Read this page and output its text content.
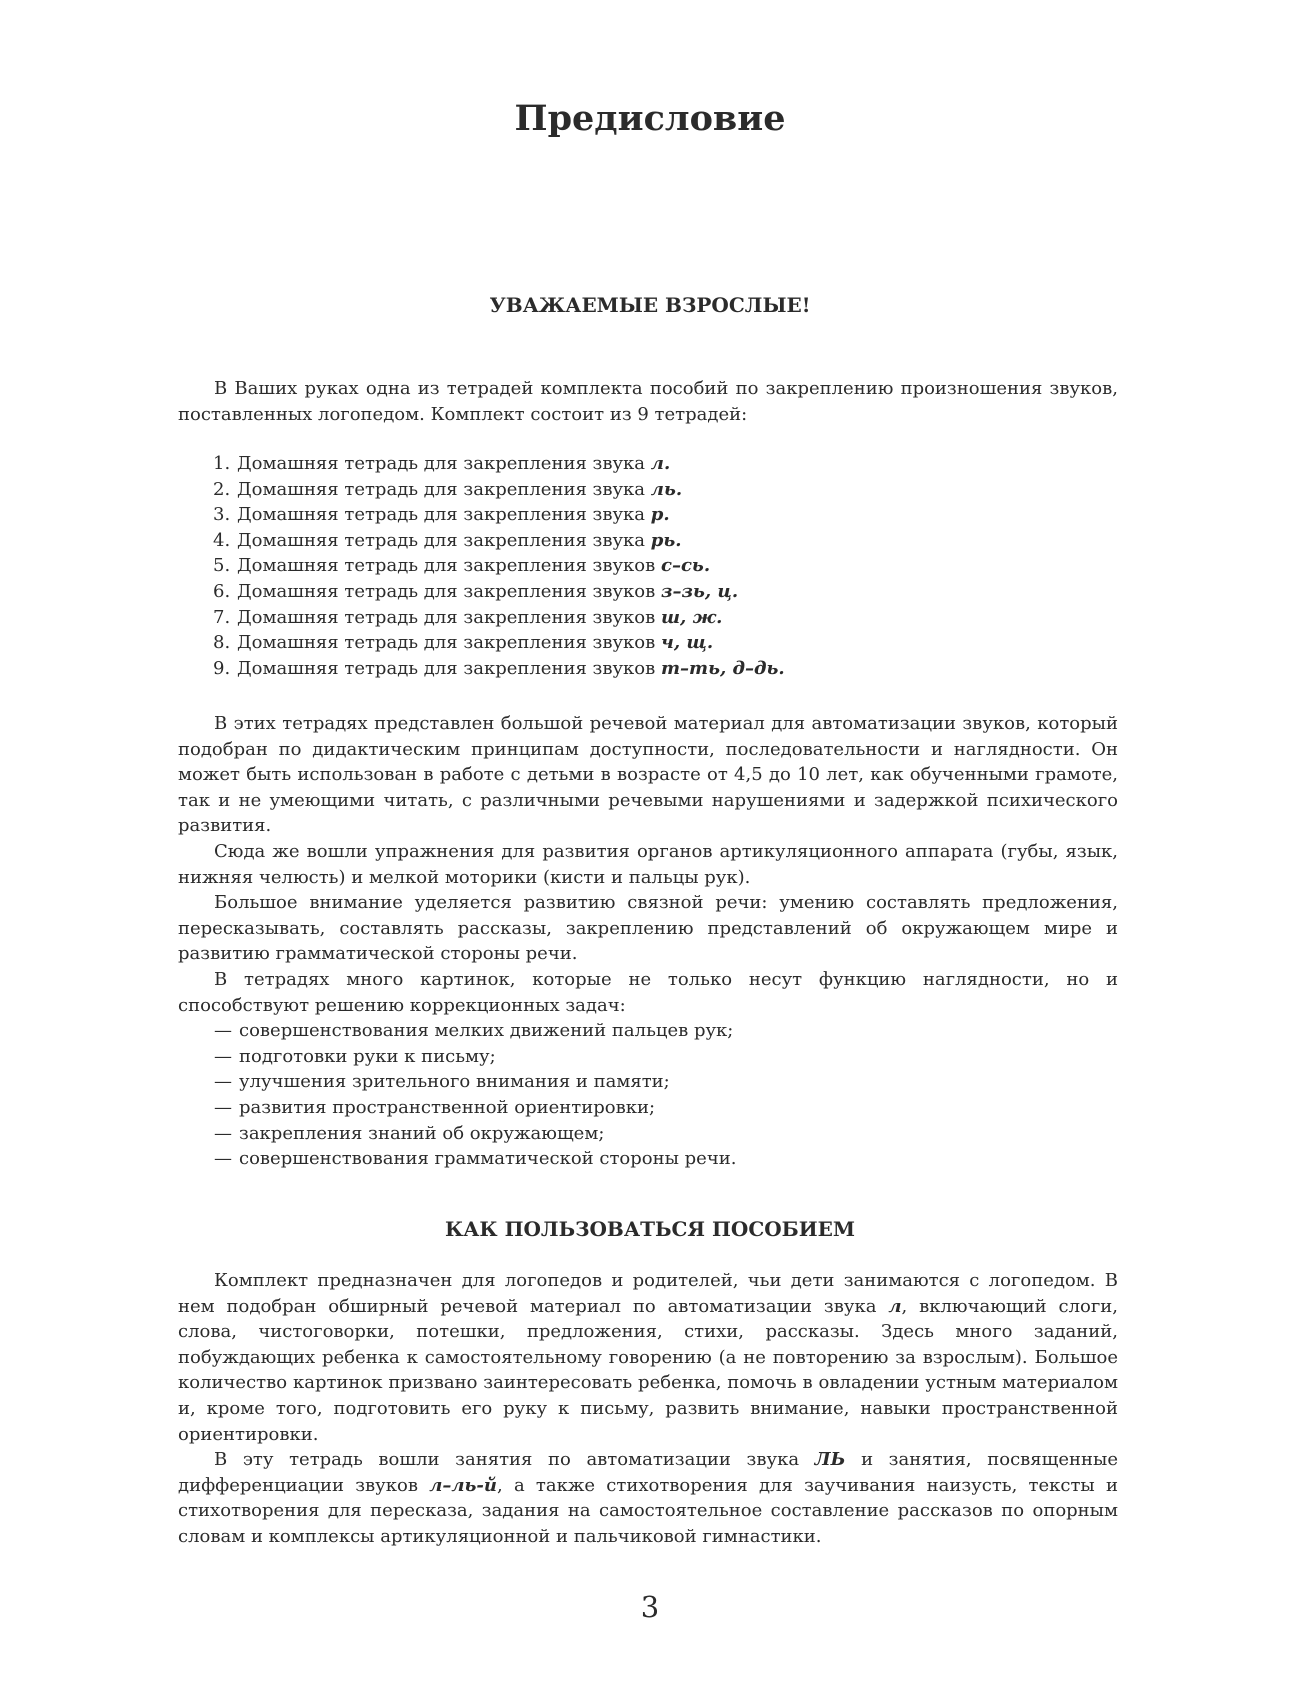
Предисловие
УВАЖАЕМЫЕ ВЗРОСЛЫЕ!

В Ваших руках одна из тетрадей комплекта пособий по закреплению произношения звуков, поставленных логопедом. Комплект состоит из 9 тетрадей:

1. Домашняя тетрадь для закрепления звука л.
2. Домашняя тетрадь для закрепления звука ль.
3. Домашняя тетрадь для закрепления звука р.
4. Домашняя тетрадь для закрепления звука рь.
5. Домашняя тетрадь для закрепления звуков с–сь.
6. Домашняя тетрадь для закрепления звуков з–зь, ц.
7. Домашняя тетрадь для закрепления звуков ш, ж.
8. Домашняя тетрадь для закрепления звуков ч, щ.
9. Домашняя тетрадь для закрепления звуков т–ть, д–дь.

В этих тетрадях представлен большой речевой материал для автоматизации звуков, который подобран по дидактическим принципам доступности, последовательности и наглядности. Он может быть использован в работе с детьми в возрасте от 4,5 до 10 лет, как обученными грамоте, так и не умеющими читать, с различными речевыми нарушениями и задержкой психического развития.

Сюда же вошли упражнения для развития органов артикуляционного аппарата (губы, язык, нижняя челюсть) и мелкой моторики (кисти и пальцы рук).

Большое внимание уделяется развитию связной речи: умению составлять предложения, пересказывать, составлять рассказы, закреплению представлений об окружающем мире и развитию грамматической стороны речи.

В тетрадях много картинок, которые не только несут функцию наглядности, но и способствуют решению коррекционных задач:

— совершенствования мелких движений пальцев рук;
— подготовки руки к письму;
— улучшения зрительного внимания и памяти;
— развития пространственной ориентировки;
— закрепления знаний об окружающем;
— совершенствования грамматической стороны речи.
КАК ПОЛЬЗОВАТЬСЯ ПОСОБИЕМ

Комплект предназначен для логопедов и родителей, чьи дети занимаются с логопедом. В нем подобран обширный речевой материал по автоматизации звука л, включающий слоги, слова, чистоговорки, потешки, предложения, стихи, рассказы. Здесь много заданий, побуждающих ребенка к самостоятельному говорению (а не повторению за взрослым). Большое количество картинок призвано заинтересовать ребенка, помочь в овладении устным материалом и, кроме того, подготовить его руку к письму, развить внимание, навыки пространственной ориентировки.

В эту тетрадь вошли занятия по автоматизации звука ЛЬ и занятия, посвященные дифференциации звуков л–ль-й, а также стихотворения для заучивания наизусть, тексты и стихотворения для пересказа, задания на самостоятельное составление рассказов по опорным словам и комплексы артикуляционной и пальчиковой гимнастики.

3
